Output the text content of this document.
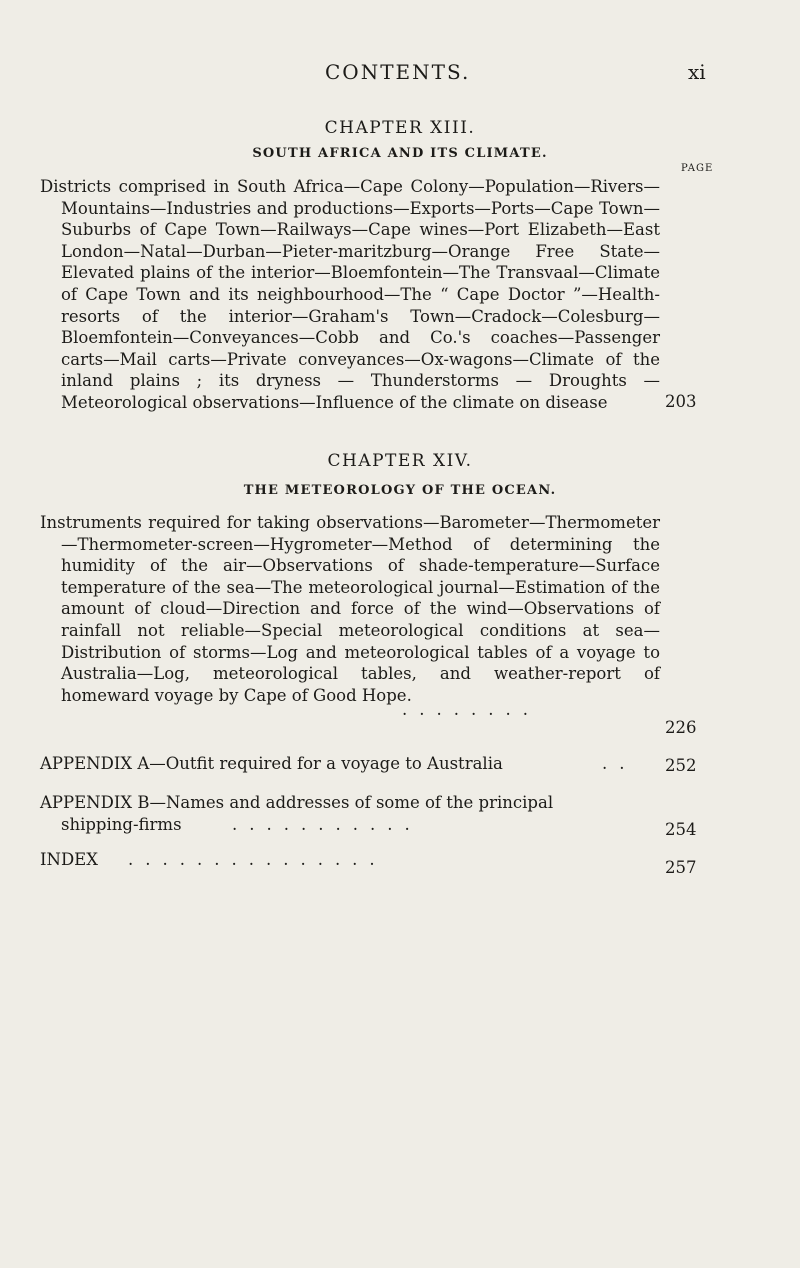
CONTENTS.	xi
CHAPTER XIII.
SOUTH AFRICA AND ITS CLIMATE.
PAGE
Districts comprised in South Africa—Cape Colony—Population—Rivers—Mountains—Industries and productions—Exports—Ports—Cape Town—Suburbs of Cape Town—Railways—Cape wines—Port Elizabeth—East London—Natal—Durban—Pieter-maritzburg—Orange Free State—Elevated plains of the interior—Bloemfontein—The Transvaal—Climate of Cape Town and its neighbourhood—The “ Cape Doctor ”—Health-resorts of the interior—Graham's Town—Cradock—Colesburg—Bloemfontein—Conveyances—Cobb and Co.'s coaches—Passenger carts—Mail carts—Private conveyances—Ox-wagons—Climate of the inland plains ; its dryness — Thunderstorms — Droughts — Meteorological observations—Influence of the climate on disease	203
CHAPTER XIV.
THE METEOROLOGY OF THE OCEAN.
Instruments required for taking observations—Barometer—Thermometer—Thermometer-screen—Hygrometer—Method of determining the humidity of the air—Observations of shade-temperature—Surface temperature of the sea—The meteorological journal—Estimation of the amount of cloud—Direction and force of the wind—Observations of rainfall not reliable—Special meteorological conditions at sea—Distribution of storms—Log and meteorological tables of a voyage to Australia—Log, meteorological tables, and weather-report of homeward voyage by Cape of Good Hope.
226
APPENDIX A—Outfit required for a voyage to Australia	252
APPENDIX B—Names and addresses of some of the principal
shipping-firms	254
INDEX	257
........
..
...........
...............
